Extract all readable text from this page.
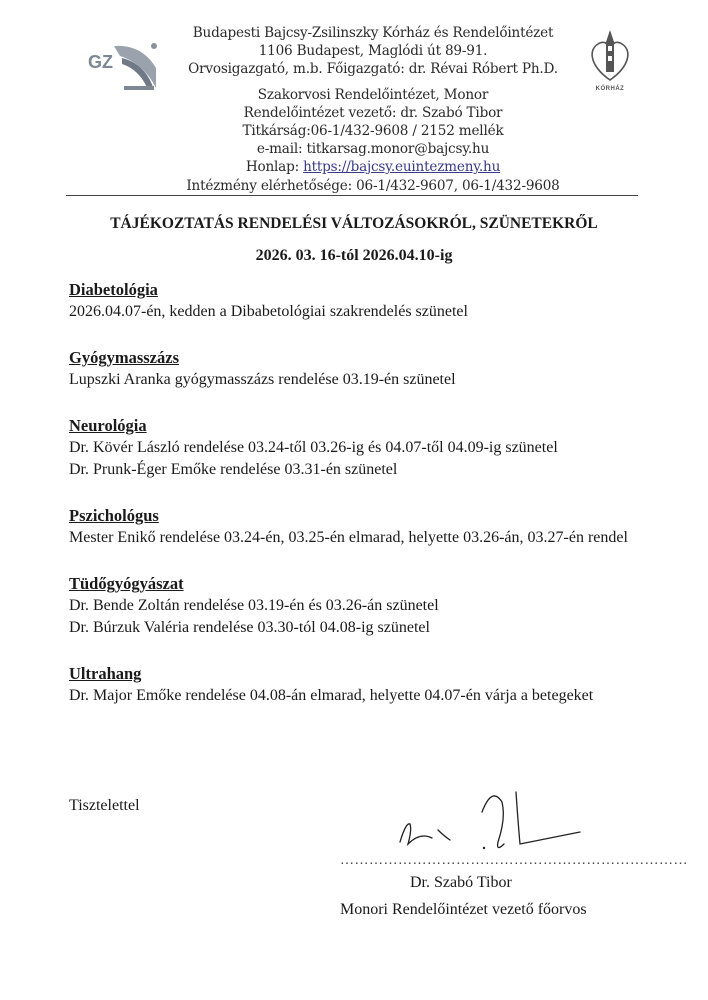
GZ
KÓRHÁZ
Budapesti Bajcsy-Zsilinszky Kórház és Rendelőintézet
1106 Budapest, Maglódi út 89-91.
Orvosigazgató, m.b. Főigazgató: dr. Révai Róbert Ph.D.
Szakorvosi Rendelőintézet, Monor
Rendelőintézet vezető: dr. Szabó Tibor
Titkárság:06-1/432-9608 / 2152 mellék
e-mail: titkarsag.monor@bajcsy.hu
Honlap: https://bajcsy.euintezmeny.hu
Intézmény elérhetősége: 06-1/432-9607, 06-1/432-9608
TÁJÉKOZTATÁS RENDELÉSI VÁLTOZÁSOKRÓL, SZÜNETEKRŐL
2026. 03. 16-tól 2026.04.10-ig
Diabetológia

2026.04.07-én, kedden a Dibabetológiai szakrendelés szünetel

Gyógymasszázs

Lupszki Aranka gyógymasszázs rendelése 03.19-én szünetel

Neurológia

Dr. Kövér László rendelése 03.24-től 03.26-ig és 04.07-től 04.09-ig szünetel

Dr. Prunk-Éger Emőke rendelése 03.31-én szünetel

Pszichológus

Mester Enikő rendelése 03.24-én, 03.25-én elmarad, helyette 03.26-án, 03.27-én rendel

Tüdőgyógyászat

Dr. Bende Zoltán rendelése 03.19-én és 03.26-án szünetel

Dr. Búrzuk Valéria rendelése 03.30-tól 04.08-ig szünetel

Ultrahang

Dr. Major Emőke rendelése 04.08-án elmarad, helyette 04.07-én várja a betegeket

Tisztelettel
………………………………………………………………
Dr. Szabó Tibor
Monori Rendelőintézet vezető főorvos
